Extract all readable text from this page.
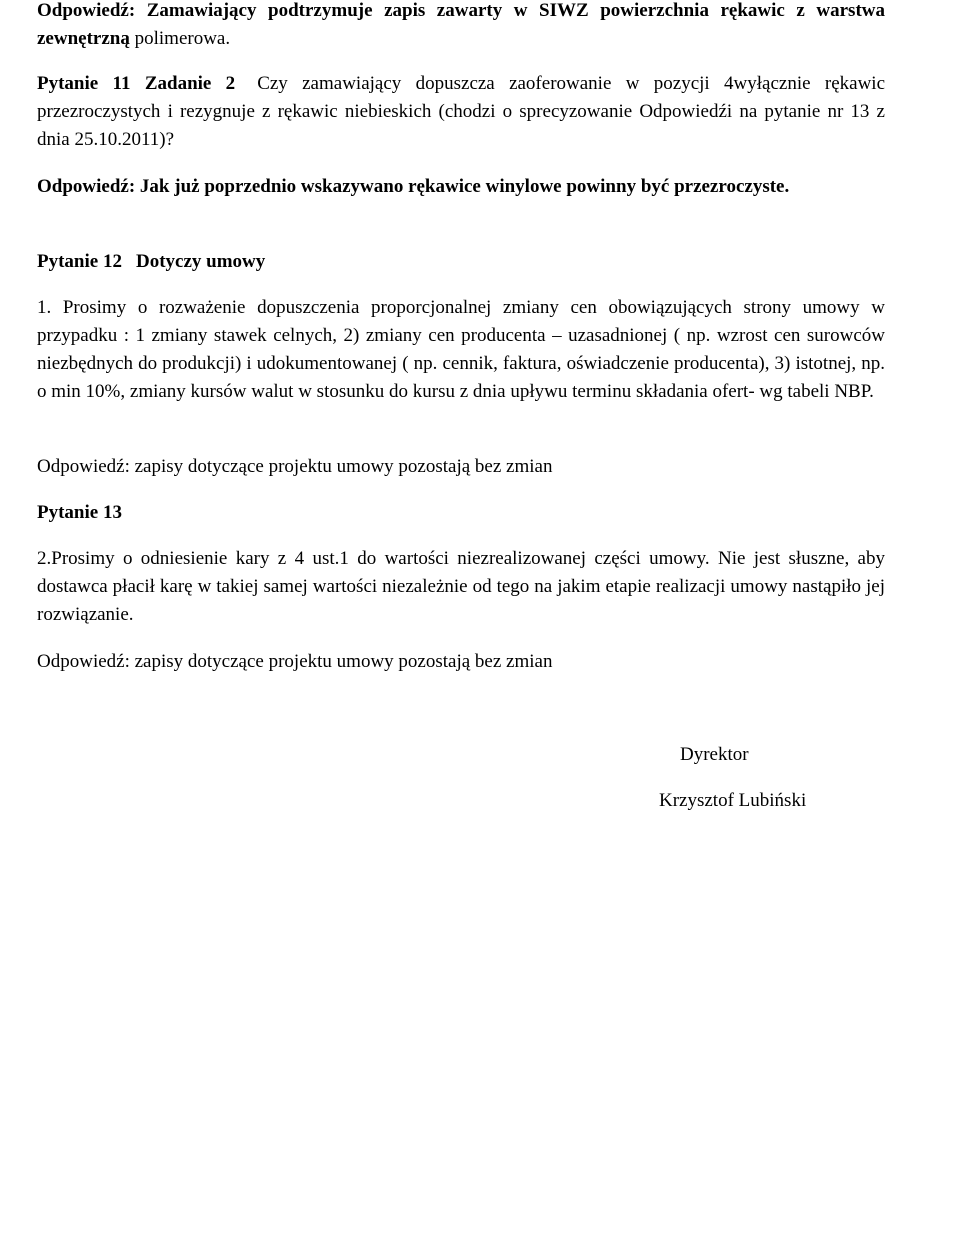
Odpowiedź: Zamawiający podtrzymuje zapis zawarty w SIWZ powierzchnia rękawic z warstwa zewnętrzną polimerowa.

Pytanie 11 Zadanie 2 Czy zamawiający dopuszcza zaoferowanie w pozycji 4wyłącznie rękawic przezroczystych i rezygnuje z rękawic niebieskich (chodzi o sprecyzowanie Odpowiedźi na pytanie nr 13 z dnia 25.10.2011)?

Odpowiedź: Jak już poprzednio wskazywano rękawice winylowe powinny być przezroczyste.

Pytanie 12 Dotyczy umowy

1. Prosimy o rozważenie dopuszczenia proporcjonalnej zmiany cen obowiązujących strony umowy w przypadku : 1 zmiany stawek celnych, 2) zmiany cen producenta – uzasadnionej ( np. wzrost cen surowców niezbędnych do produkcji) i udokumentowanej ( np. cennik, faktura, oświadczenie producenta), 3) istotnej, np. o min 10%, zmiany kursów walut w stosunku do kursu z dnia upływu terminu składania ofert- wg tabeli NBP.

Odpowiedź: zapisy dotyczące projektu umowy pozostają bez zmian

Pytanie 13

2.Prosimy o odniesienie kary z 4 ust.1 do wartości niezrealizowanej części umowy. Nie jest słuszne, aby dostawca płacił karę w takiej samej wartości niezależnie od tego na jakim etapie realizacji umowy nastąpiło jej rozwiązanie.

Odpowiedź: zapisy dotyczące projektu umowy pozostają bez zmian

Dyrektor

Krzysztof Lubiński
